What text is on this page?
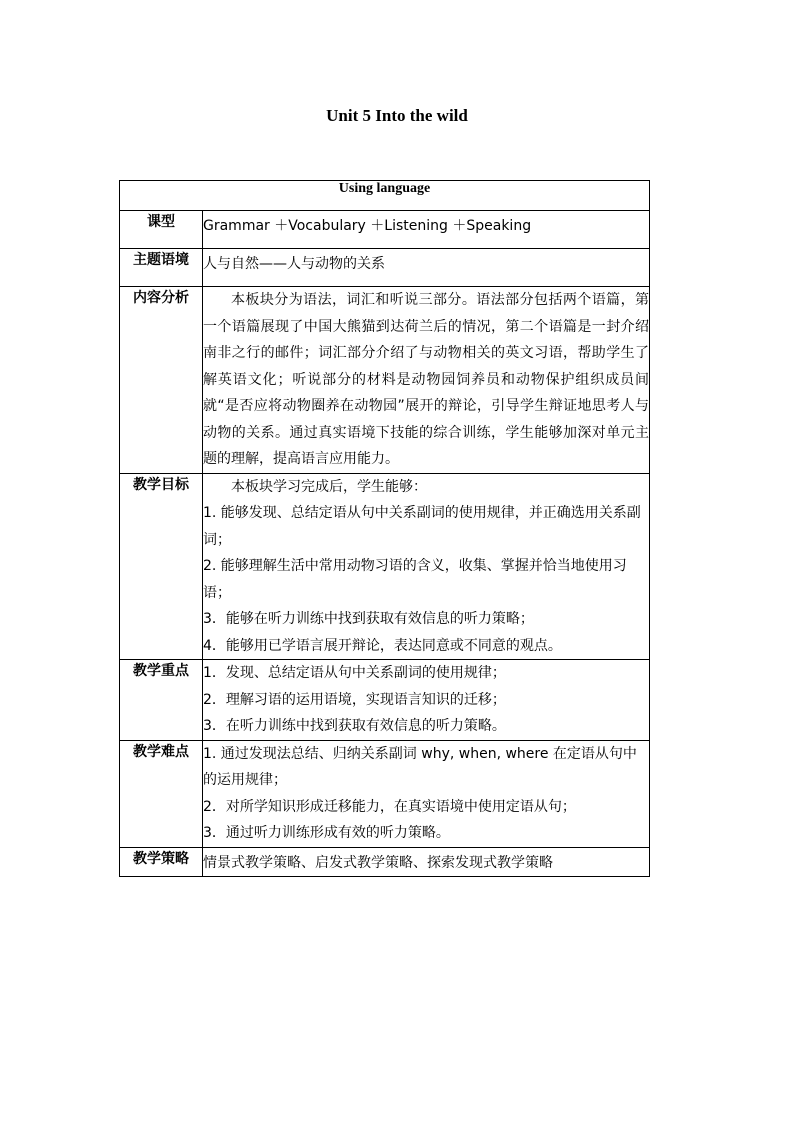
Unit 5 Into the wild
Using language	
课型	Grammar ＋Vocabulary ＋Listening ＋Speaking
主题语境	人与自然——人与动物的关系
内容分析	本板块分为语法，词汇和听说三部分。语法部分包括两个语篇，第一个语篇展现了中国大熊猫到达荷兰后的情况，第二个语篇是一封介绍南非之行的邮件；词汇部分介绍了与动物相关的英文习语，帮助学生了解英语文化；听说部分的材料是动物园饲养员和动物保护组织成员间就“是否应将动物圈养在动物园”展开的辩论，引导学生辩证地思考人与动物的关系。通过真实语境下技能的综合训练，学生能够加深对单元主题的理解，提高语言应用能力。

教学目标	本板块学习完成后，学生能够：
1. 能够发现、总结定语从句中关系副词的使用规律，并正确选用关系副词；
2. 能够理解生活中常用动物习语的含义，收集、掌握并恰当地使用习语；
3．能够在听力训练中找到获取有效信息的听力策略；
4．能够用已学语言展开辩论，表达同意或不同意的观点。

教学重点	1．发现、总结定语从句中关系副词的使用规律；
2．理解习语的运用语境，实现语言知识的迁移；
3．在听力训练中找到获取有效信息的听力策略。

教学难点	1. 通过发现法总结、归纳关系副词 why, when, where 在定语从句中的运用规律；
2．对所学知识形成迁移能力，在真实语境中使用定语从句；
3．通过听力训练形成有效的听力策略。

教学策略	情景式教学策略、启发式教学策略、探索发现式教学策略
